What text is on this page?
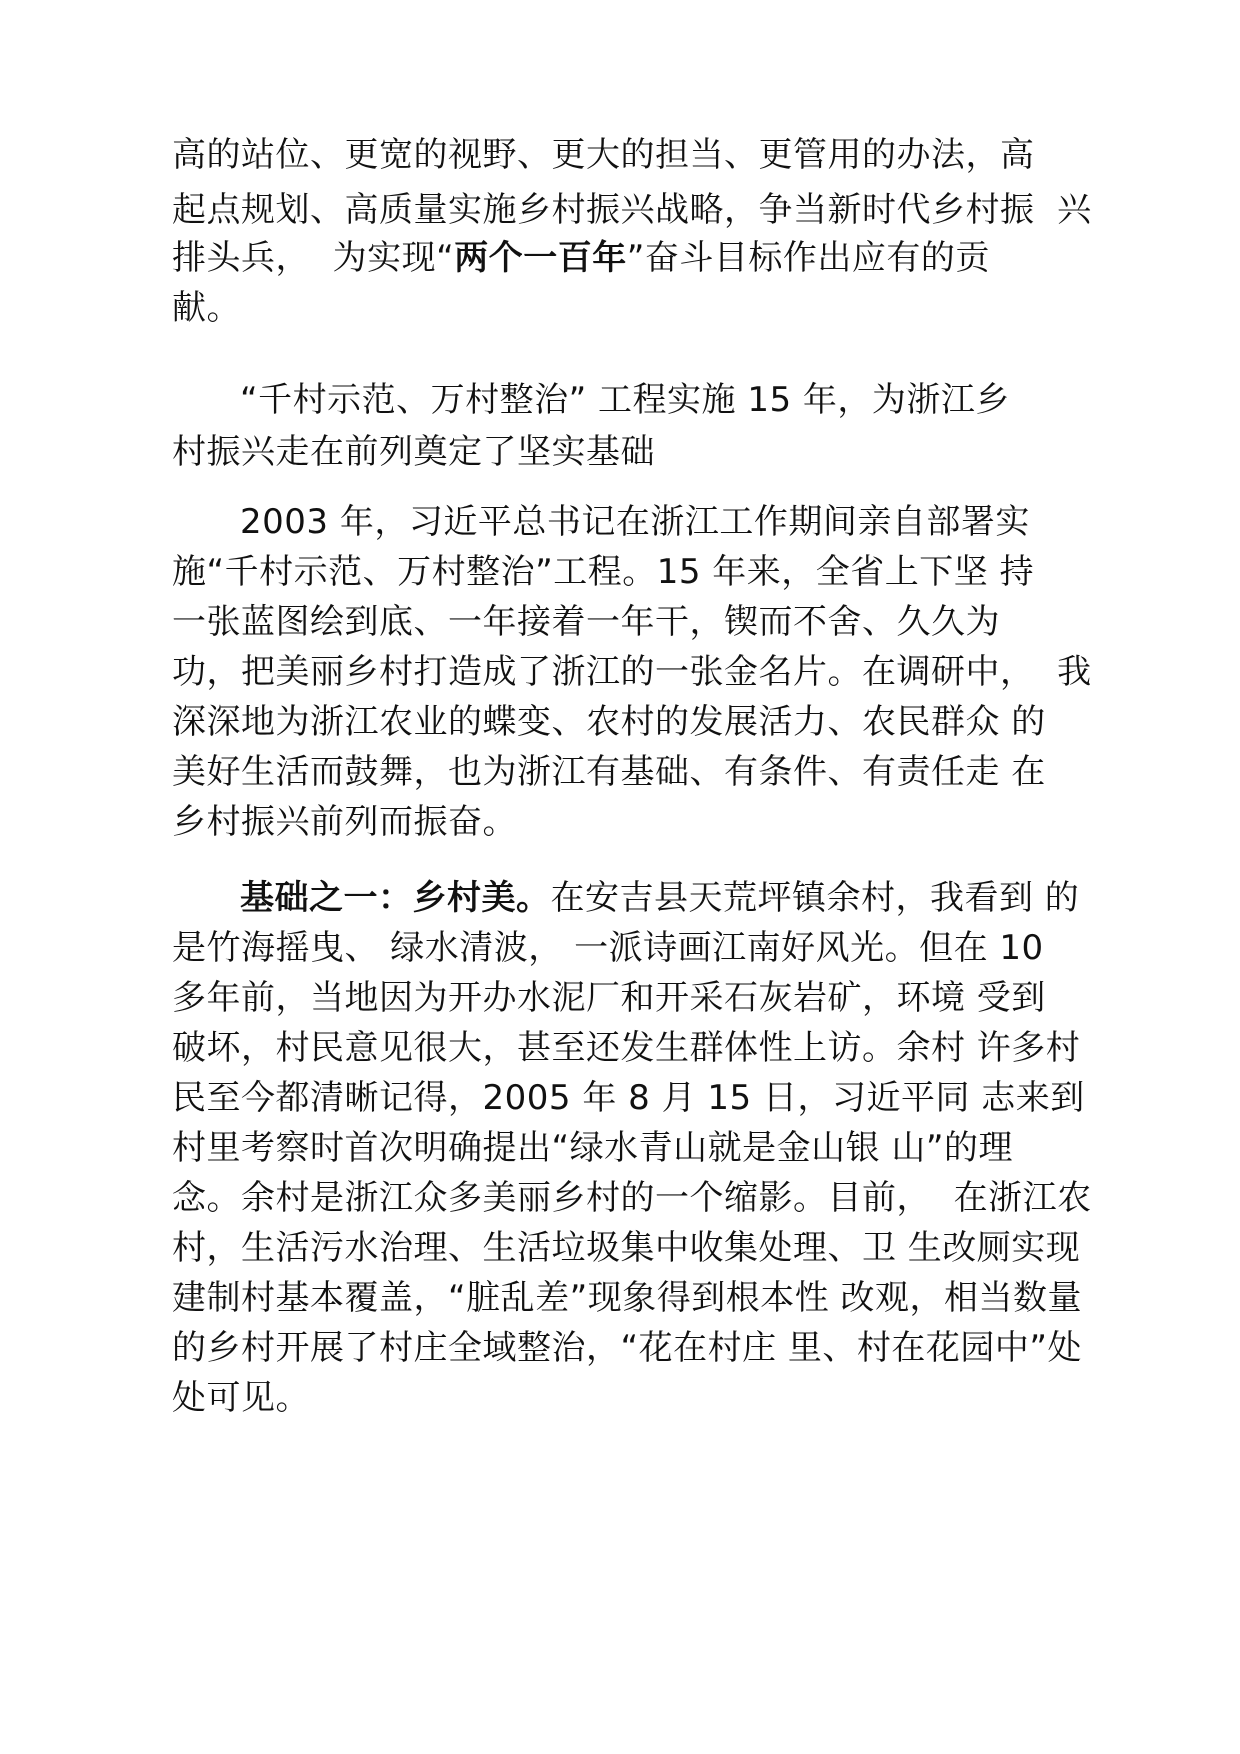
高的站位、更宽的视野、更大的担当、更管用的办法，高
起点规划、高质量实施乡村振兴战略，争当新时代乡村振  兴
排头兵，  为实现“两个一百年”奋斗目标作出应有的贡
献。
“千村示范、万村整治” 工程实施 15 年，为浙江乡
村振兴走在前列奠定了坚实基础
2003 年，习近平总书记在浙江工作期间亲自部署实
施“千村示范、万村整治”工程。15 年来，全省上下坚 持
一张蓝图绘到底、一年接着一年干，锲而不舍、久久为
功，把美丽乡村打造成了浙江的一张金名片。在调研中，  我
深深地为浙江农业的蝶变、农村的发展活力、农民群众 的
美好生活而鼓舞，也为浙江有基础、有条件、有责任走 在
乡村振兴前列而振奋。
基础之一：乡村美。在安吉县天荒坪镇余村，我看到 的
是竹海摇曳、 绿水清波， 一派诗画江南好风光。但在 10
多年前，当地因为开办水泥厂和开采石灰岩矿，环境 受到
破坏，村民意见很大，甚至还发生群体性上访。余村 许多村
民至今都清晰记得，2005 年 8 月 15 日，习近平同 志来到
村里考察时首次明确提出“绿水青山就是金山银 山”的理
念。余村是浙江众多美丽乡村的一个缩影。目前，  在浙江农
村，生活污水治理、生活垃圾集中收集处理、卫 生改厕实现
建制村基本覆盖，“脏乱差”现象得到根本性 改观，相当数量
的乡村开展了村庄全域整治，“花在村庄 里、村在花园中”处
处可见。
